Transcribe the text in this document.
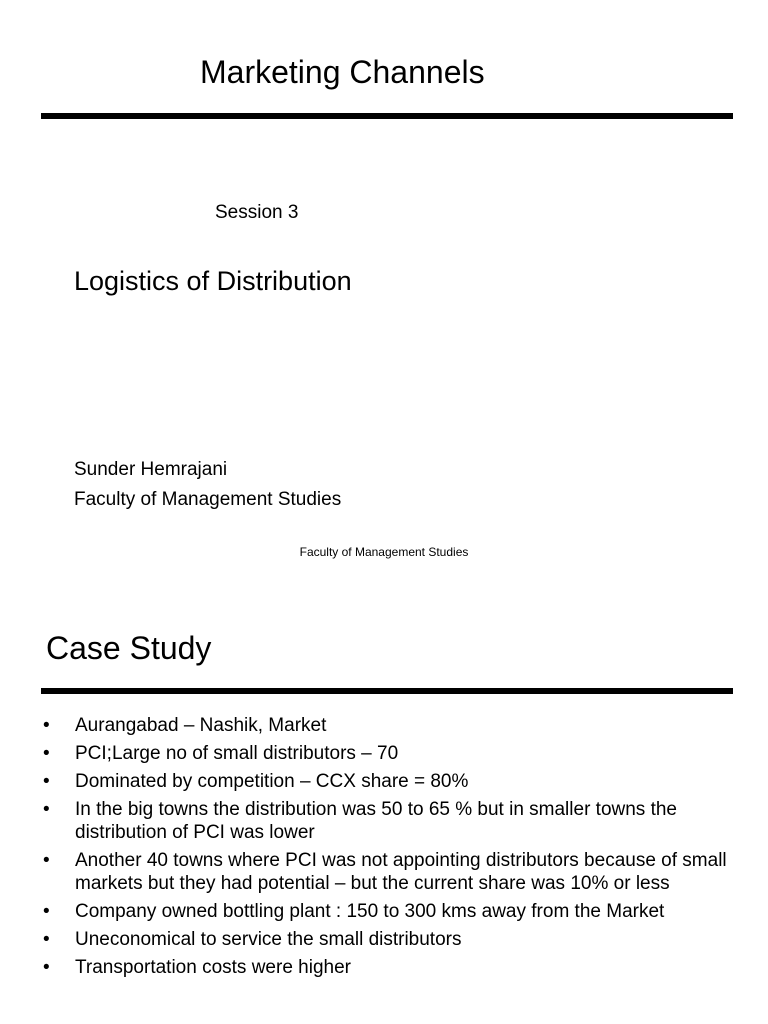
Marketing Channels
Session 3
Logistics of Distribution
Sunder Hemrajani
Faculty of Management Studies
Faculty of Management Studies
Case Study
• Aurangabad – Nashik, Market
• PCI;Large no of small distributors – 70
• Dominated by competition – CCX share = 80%
• In the big towns the distribution was 50 to 65 % but in smaller towns the distribution of PCI was lower
• Another 40 towns where PCI was not appointing distributors because of small markets but they had potential – but the current share was 10% or less
• Company owned bottling plant : 150 to 300 kms away from the Market
• Uneconomical to service the small distributors
• Transportation costs were higher
